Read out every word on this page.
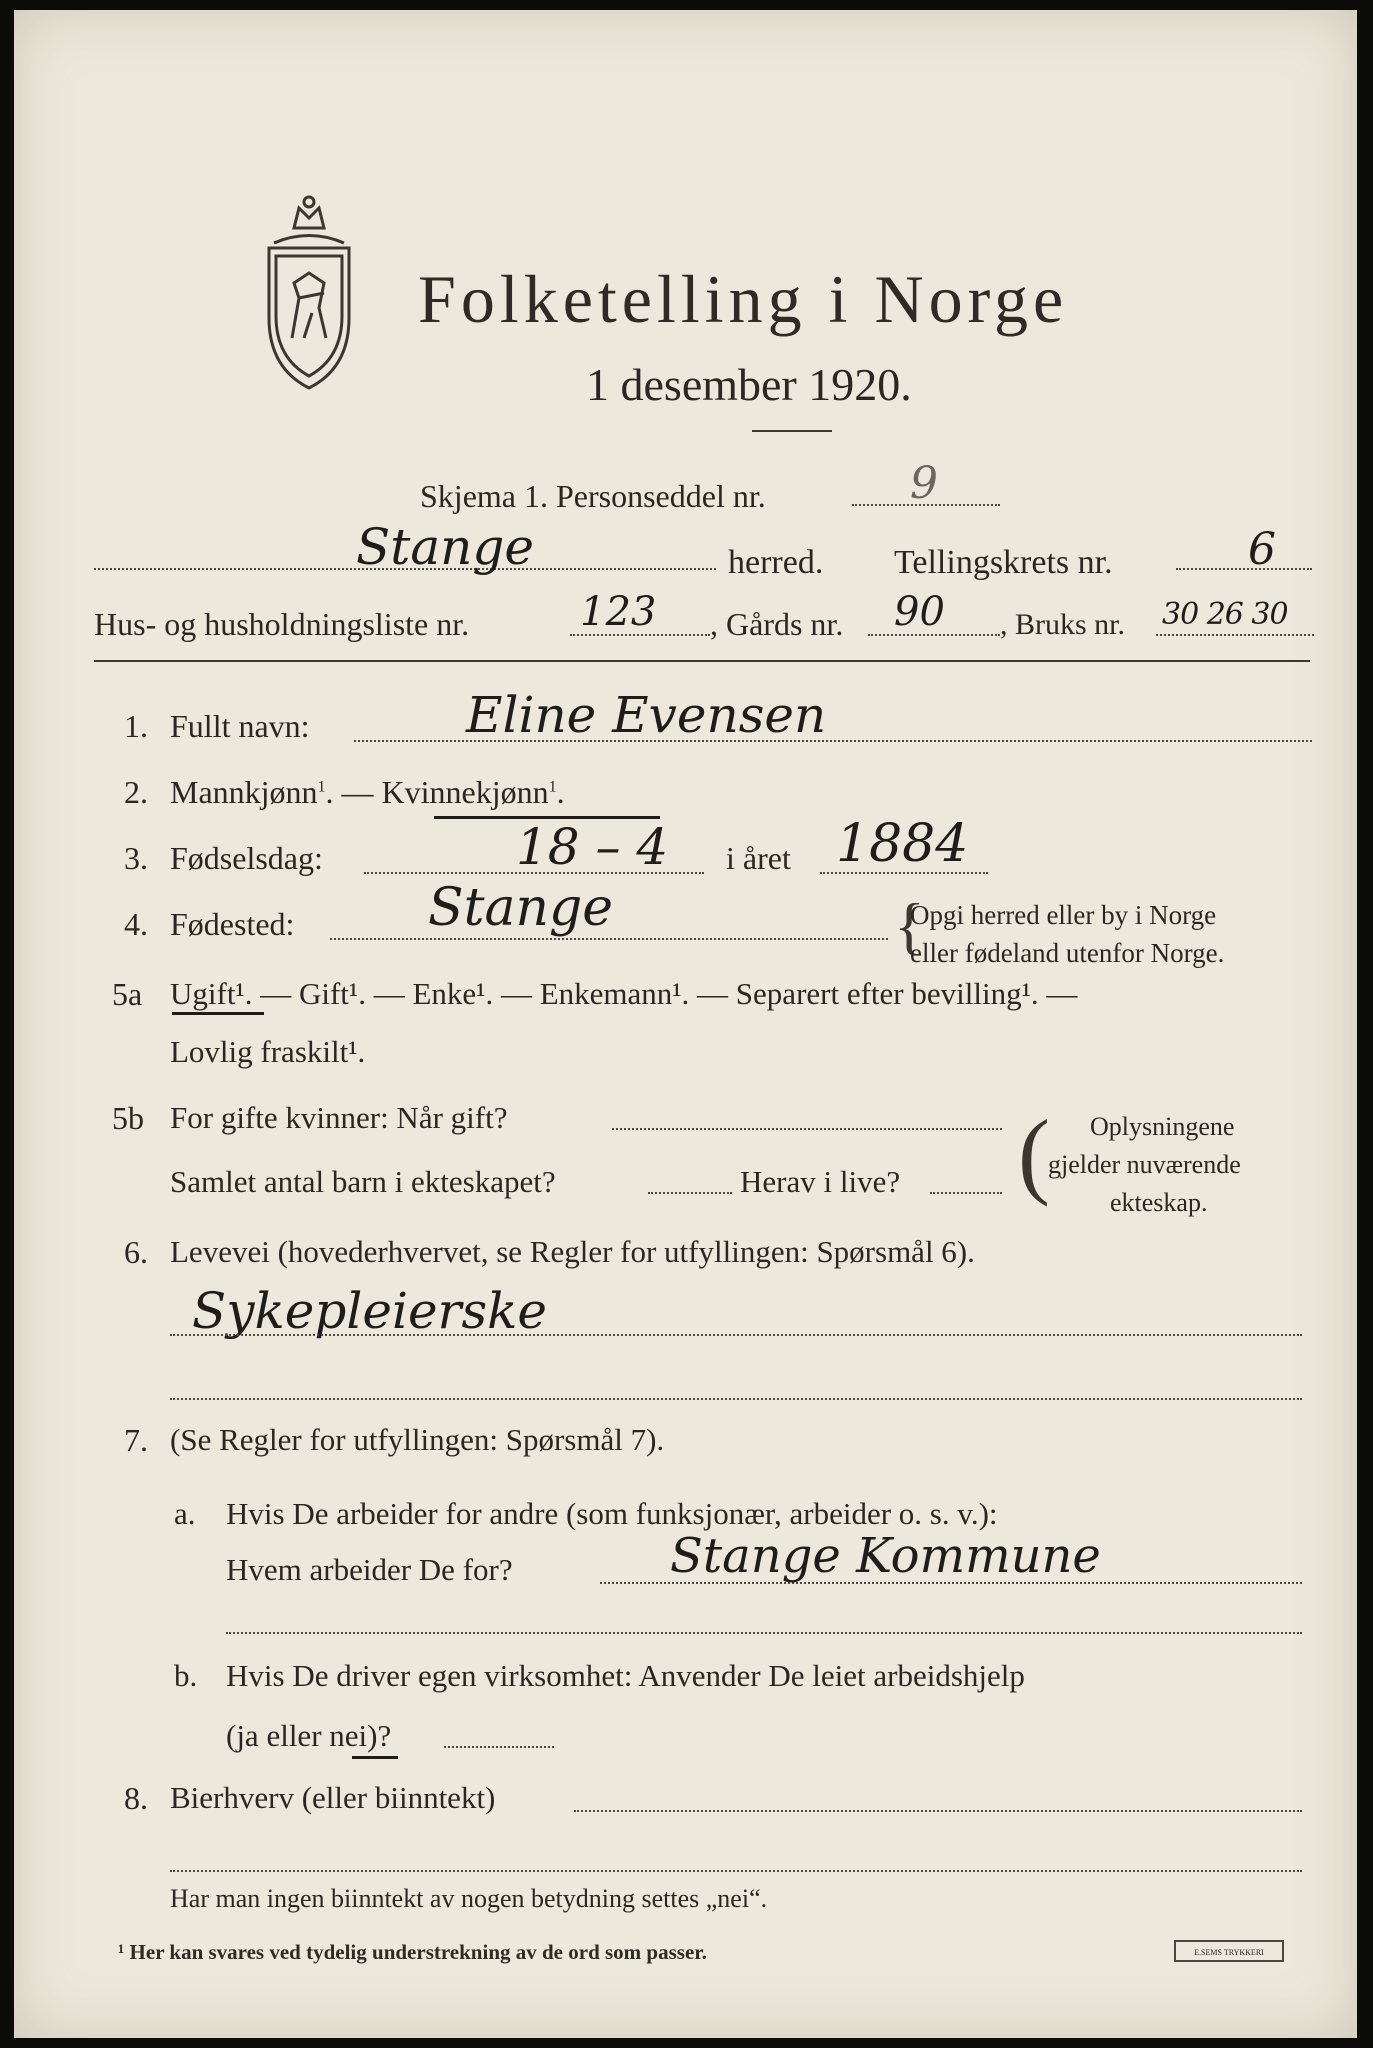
Folketelling i Norge
1 desember 1920.
Skjema 1. Personseddel nr.	9
Stange	herred. Tellingskrets nr.	6
Hus- og husholdningsliste nr.	123 , Gårds nr. 90 , Bruks nr. 30 26 30
1. Fullt navn:	Eline Evensen
2. Mannkjønn$^1$. — Kvinnekjønn$^1$.
3. Fødselsdag:	18 – 4 i året 1884
4. Fødested:	Stange	{
Opgi herred eller by i Norge
eller fødeland utenfor Norge.
5a Ugift¹. — Gift¹. — Enke¹. — Enkemann¹. — Separert efter bevilling¹. —
Lovlig fraskilt¹.
5b For gifte kvinner: Når gift?
Samlet antal barn i ekteskapet?	Herav i live? ( Oplysningene
gjelder nuværende
ekteskap.
6. Levevei (hovederhvervet, se Regler for utfyllingen: Spørsmål 6).
Sykepleierske
7. (Se Regler for utfyllingen: Spørsmål 7).
a. Hvis De arbeider for andre (som funksjonær, arbeider o. s. v.):
Hvem arbeider De for?	Stange Kommune
b. Hvis De driver egen virksomhet: Anvender De leiet arbeidshjelp
(ja eller nei)?
8. Bierhverv (eller biinntekt)
Har man ingen biinntekt av nogen betydning settes „nei“.
¹ Her kan svares ved tydelig understrekning av de ord som passer.	E.SEMS TRYKKERI
